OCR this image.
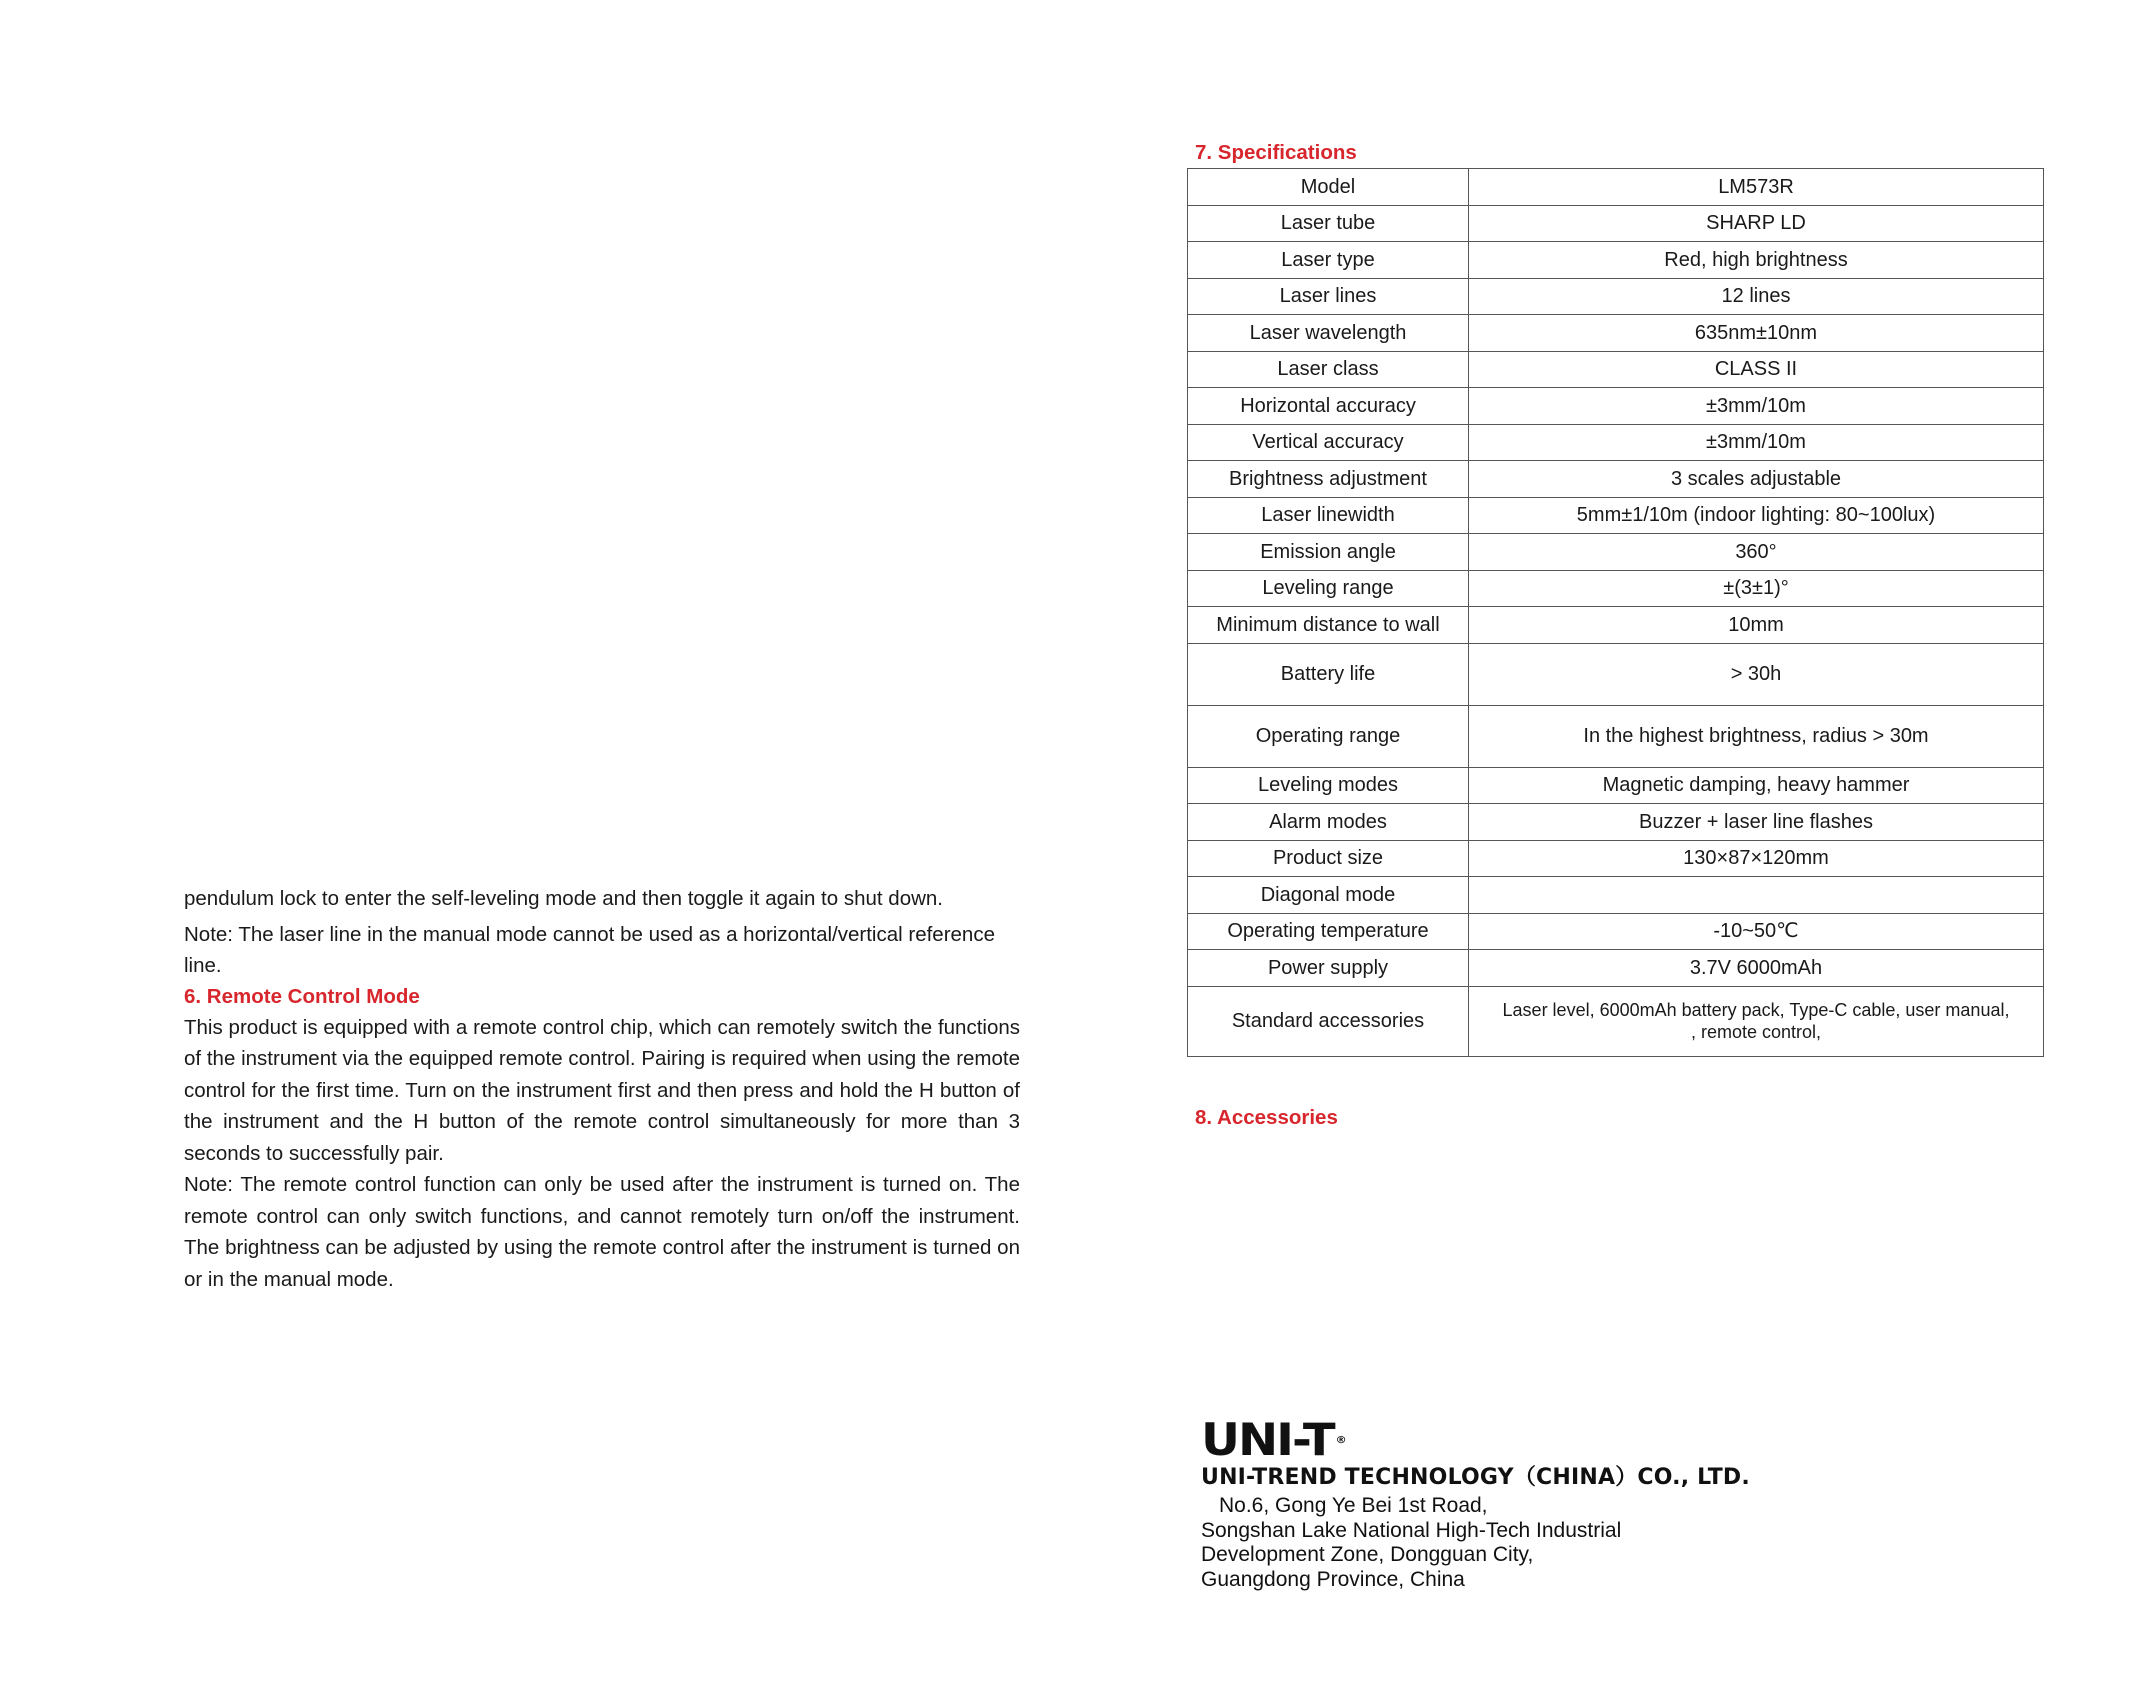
pendulum lock to enter the self-leveling mode and then toggle it again to shut down.

Note: The laser line in the manual mode cannot be used as a horizontal/vertical reference line.

6. Remote Control Mode

This product is equipped with a remote control chip, which can remotely switch the functions of the instrument via the equipped remote control. Pairing is required when using the remote control for the first time. Turn on the instrument first and then press and hold the H button of the instrument and the H button of the remote control simultaneously for more than 3 seconds to successfully pair.

Note: The remote control function can only be used after the instrument is turned on. The remote control can only switch functions, and cannot remotely turn on/off the instrument. The brightness can be adjusted by using the remote control after the instrument is turned on or in the manual mode.

7. Specifications
Model	LM573R
Laser tube	SHARP LD
Laser type	Red, high brightness
Laser lines	12 lines
Laser wavelength	635nm±10nm
Laser class	CLASS II
Horizontal accuracy	±3mm/10m
Vertical accuracy	±3mm/10m
Brightness adjustment	3 scales adjustable
Laser linewidth	5mm±1/10m (indoor lighting: 80~100lux)
Emission angle	360°
Leveling range	±(3±1)°
Minimum distance to wall	10mm
Battery life	> 30h
Operating range	In the highest brightness, radius > 30m
Leveling modes	Magnetic damping, heavy hammer
Alarm modes	Buzzer + laser line flashes
Product size	130×87×120mm
Diagonal mode	
Operating temperature	-10~50℃
Power supply	3.7V 6000mAh
Standard accessories	Laser level, 6000mAh battery pack, Type-C cable, user manual,
, remote control,
8. Accessories
UNI-T ®
UNI-TREND TECHNOLOGY（CHINA）CO., LTD.
No.6, Gong Ye Bei 1st Road,
Songshan Lake National High-Tech Industrial
Development Zone, Dongguan City,
Guangdong Province, China
